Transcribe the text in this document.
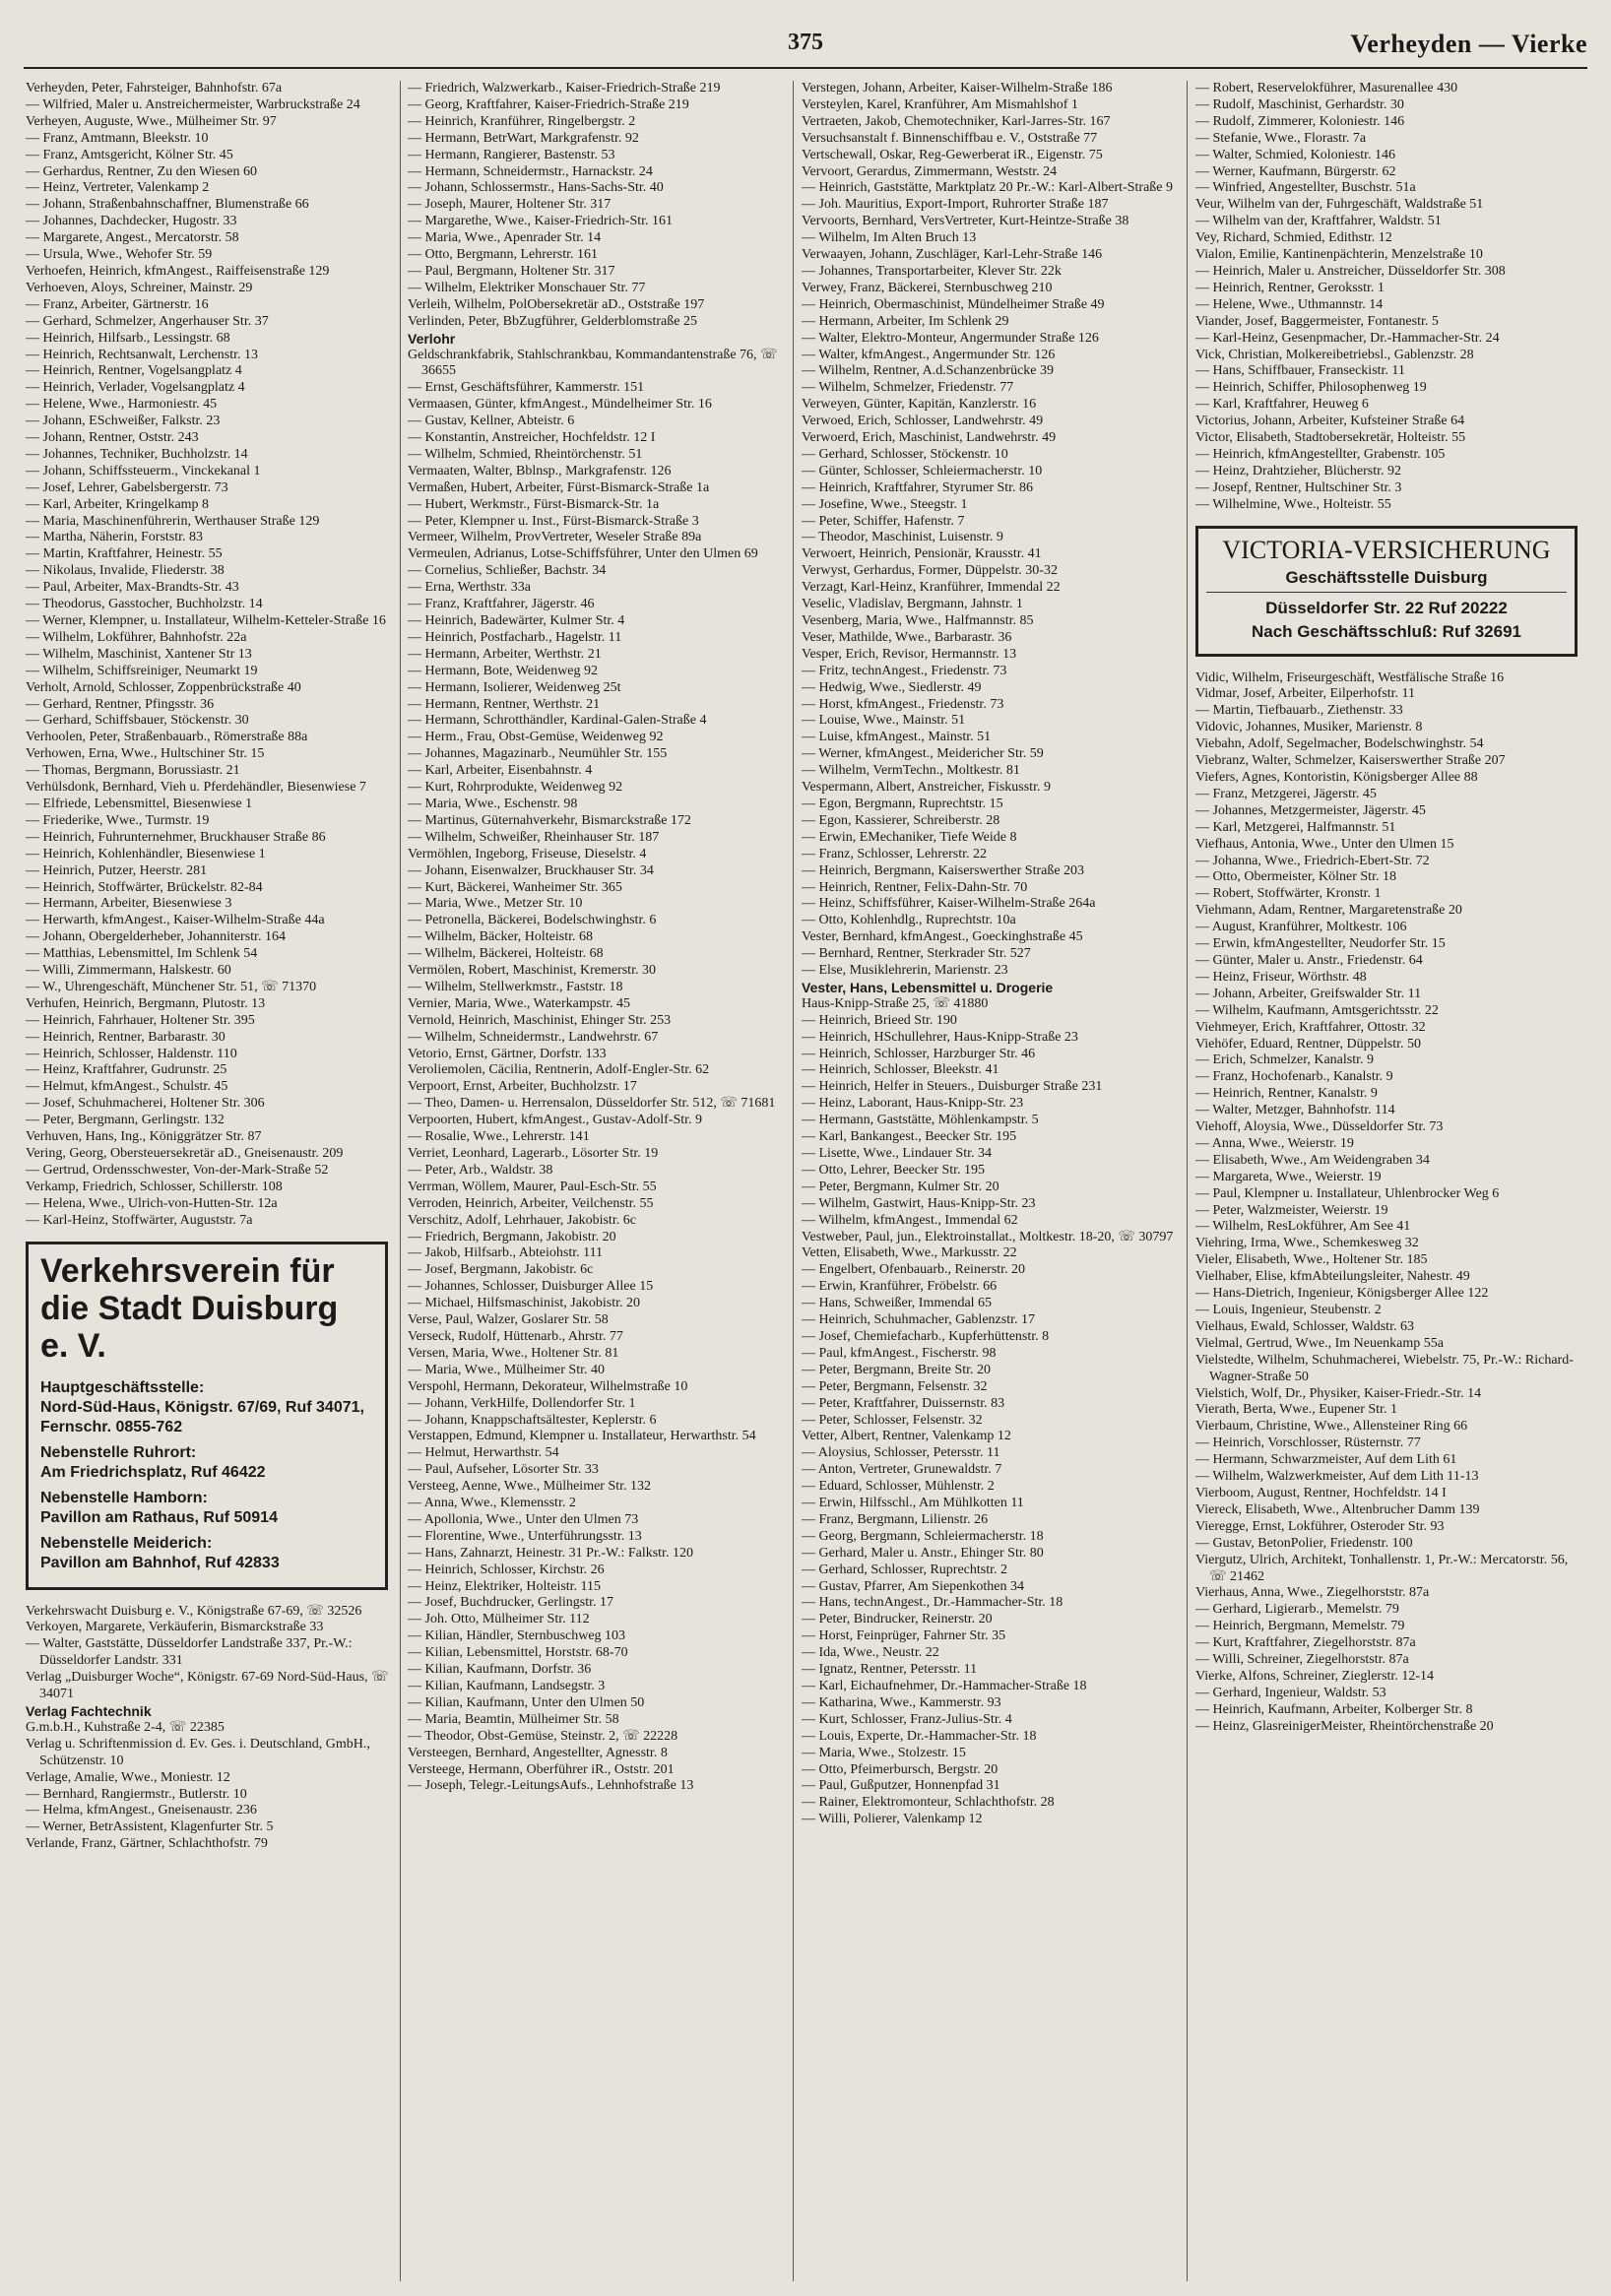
375	Verheyden — Vierke
Verheyden, Peter, Fahrsteiger, Bahnhofstr. 67a
— Wilfried, Maler u. Anstreichermeister, Warbruckstraße 24
Verheyen, Auguste, Wwe., Mülheimer Str. 97
— Franz, Amtmann, Bleekstr. 10
— Franz, Amtsgericht, Kölner Str. 45
— Gerhardus, Rentner, Zu den Wiesen 60
— Heinz, Vertreter, Valenkamp 2
— Johann, Straßenbahnschaffner, Blumenstraße 66
— Johannes, Dachdecker, Hugostr. 33
— Margarete, Angest., Mercatorstr. 58
— Ursula, Wwe., Wehofer Str. 59
Verhoefen, Heinrich, kfmAngest., Raiffeisenstraße 129
Verhoeven, Aloys, Schreiner, Mainstr. 29
— Franz, Arbeiter, Gärtnerstr. 16
— Gerhard, Schmelzer, Angerhauser Str. 37
— Heinrich, Hilfsarb., Lessingstr. 68
— Heinrich, Rechtsanwalt, Lerchenstr. 13
— Heinrich, Rentner, Vogelsangplatz 4
— Heinrich, Verlader, Vogelsangplatz 4
— Helene, Wwe., Harmoniestr. 45
— Johann, ESchweißer, Falkstr. 23
— Johann, Rentner, Oststr. 243
— Johannes, Techniker, Buchholzstr. 14
— Johann, Schiffssteuerm., Vinckekanal 1
— Josef, Lehrer, Gabelsbergerstr. 73
— Karl, Arbeiter, Kringelkamp 8
— Maria, Maschinenführerin, Werthauser Straße 129
— Martha, Näherin, Forststr. 83
— Martin, Kraftfahrer, Heinestr. 55
— Nikolaus, Invalide, Fliederstr. 38
— Paul, Arbeiter, Max-Brandts-Str. 43
— Theodorus, Gasstocher, Buchholzstr. 14
— Werner, Klempner, u. Installateur, Wilhelm-Ketteler-Straße 16
— Wilhelm, Lokführer, Bahnhofstr. 22a
— Wilhelm, Maschinist, Xantener Str 13
— Wilhelm, Schiffsreiniger, Neumarkt 19
Verholt, Arnold, Schlosser, Zoppenbrückstraße 40
— Gerhard, Rentner, Pfingsstr. 36
— Gerhard, Schiffsbauer, Stöckenstr. 30
Verhoolen, Peter, Straßenbauarb., Römerstraße 88a
Verhowen, Erna, Wwe., Hultschiner Str. 15
— Thomas, Bergmann, Borussiastr. 21
Verhülsdonk, Bernhard, Vieh u. Pferdehändler, Biesenwiese 7
— Elfriede, Lebensmittel, Biesenwiese 1
— Friederike, Wwe., Turmstr. 19
— Heinrich, Fuhrunternehmer, Bruckhauser Straße 86
— Heinrich, Kohlenhändler, Biesenwiese 1
— Heinrich, Putzer, Heerstr. 281
— Heinrich, Stoffwärter, Brückelstr. 82-84
— Hermann, Arbeiter, Biesenwiese 3
— Herwarth, kfmAngest., Kaiser-Wilhelm-Straße 44a
— Johann, Obergelderheber, Johanniterstr. 164
— Matthias, Lebensmittel, Im Schlenk 54
— Willi, Zimmermann, Halskestr. 60
— W., Uhrengeschäft, Münchener Str. 51, ☏ 71370
Verhufen, Heinrich, Bergmann, Plutostr. 13
— Heinrich, Fahrhauer, Holtener Str. 395
— Heinrich, Rentner, Barbarastr. 30
— Heinrich, Schlosser, Haldenstr. 110
— Heinz, Kraftfahrer, Gudrunstr. 25
— Helmut, kfmAngest., Schulstr. 45
— Josef, Schuhmacherei, Holtener Str. 306
— Peter, Bergmann, Gerlingstr. 132
Verhuven, Hans, Ing., Königgrätzer Str. 87
Vering, Georg, Obersteuersekretär aD., Gneisenaustr. 209
— Gertrud, Ordensschwester, Von-der-Mark-Straße 52
Verkamp, Friedrich, Schlosser, Schillerstr. 108
— Helena, Wwe., Ulrich-von-Hutten-Str. 12a
— Karl-Heinz, Stoffwärter, Auguststr. 7a
Verkehrsverein für die Stadt Duisburg e. V.
Hauptgeschäftsstelle:
Nord-Süd-Haus, Königstr. 67/69, Ruf 34071, Fernschr. 0855-762
Nebenstelle Ruhrort:
Am Friedrichsplatz, Ruf 46422
Nebenstelle Hamborn:
Pavillon am Rathaus, Ruf 50914
Nebenstelle Meiderich:
Pavillon am Bahnhof, Ruf 42833
Verkehrswacht Duisburg e. V., Königstraße 67-69, ☏ 32526
Verkoyen, Margarete, Verkäuferin, Bismarckstraße 33
— Walter, Gaststätte, Düsseldorfer Landstraße 337, Pr.-W.: Düsseldorfer Landstr. 331
Verlag „Duisburger Woche“, Königstr. 67-69 Nord-Süd-Haus, ☏ 34071
Verlag Fachtechnik
G.m.b.H., Kuhstraße 2-4, ☏ 22385
Verlag u. Schriftenmission d. Ev. Ges. i. Deutschland, GmbH., Schützenstr. 10
Verlage, Amalie, Wwe., Moniestr. 12
— Bernhard, Rangiermstr., Butlerstr. 10
— Helma, kfmAngest., Gneisenaustr. 236
— Werner, BetrAssistent, Klagenfurter Str. 5
Verlande, Franz, Gärtner, Schlachthofstr. 79
— Friedrich, Walzwerkarb., Kaiser-Friedrich-Straße 219
— Georg, Kraftfahrer, Kaiser-Friedrich-Straße 219
— Heinrich, Kranführer, Ringelbergstr. 2
— Hermann, BetrWart, Markgrafenstr. 92
— Hermann, Rangierer, Bastenstr. 53
— Hermann, Schneidermstr., Harnackstr. 24
— Johann, Schlossermstr., Hans-Sachs-Str. 40
— Joseph, Maurer, Holtener Str. 317
— Margarethe, Wwe., Kaiser-Friedrich-Str. 161
— Maria, Wwe., Apenrader Str. 14
— Otto, Bergmann, Lehrerstr. 161
— Paul, Bergmann, Holtener Str. 317
— Wilhelm, Elektriker Monschauer Str. 77
Verleih, Wilhelm, PolObersekretär aD., Oststraße 197
Verlinden, Peter, BbZugführer, Gelderblomstraße 25
Verlohr
Geldschrankfabrik, Stahlschrankbau, Kommandantenstraße 76, ☏ 36655
— Ernst, Geschäftsführer, Kammerstr. 151
Vermaasen, Günter, kfmAngest., Mündelheimer Str. 16
— Gustav, Kellner, Abteistr. 6
— Konstantin, Anstreicher, Hochfeldstr. 12 I
— Wilhelm, Schmied, Rheintörchenstr. 51
Vermaaten, Walter, Bblnsp., Markgrafenstr. 126
Vermaßen, Hubert, Arbeiter, Fürst-Bismarck-Straße 1a
— Hubert, Werkmstr., Fürst-Bismarck-Str. 1a
— Peter, Klempner u. Inst., Fürst-Bismarck-Straße 3
Vermeer, Wilhelm, ProvVertreter, Weseler Straße 89a
Vermeulen, Adrianus, Lotse-Schiffsführer, Unter den Ulmen 69
— Cornelius, Schließer, Bachstr. 34
— Erna, Werthstr. 33a
— Franz, Kraftfahrer, Jägerstr. 46
— Heinrich, Badewärter, Kulmer Str. 4
— Heinrich, Postfacharb., Hagelstr. 11
— Hermann, Arbeiter, Werthstr. 21
— Hermann, Bote, Weidenweg 92
— Hermann, Isolierer, Weidenweg 25t
— Hermann, Rentner, Werthstr. 21
— Hermann, Schrotthändler, Kardinal-Galen-Straße 4
— Herm., Frau, Obst-Gemüse, Weidenweg 92
— Johannes, Magazinarb., Neumühler Str. 155
— Karl, Arbeiter, Eisenbahnstr. 4
— Kurt, Rohrproduktе, Weidenweg 92
— Maria, Wwe., Eschenstr. 98
— Martinus, Güternahverkehr, Bismarckstraße 172
— Wilhelm, Schweißer, Rheinhauser Str. 187
Vermöhlen, Ingeborg, Friseuse, Dieselstr. 4
— Johann, Eisenwalzer, Bruckhauser Str. 34
— Kurt, Bäckerei, Wanheimer Str. 365
— Maria, Wwe., Metzer Str. 10
— Petronella, Bäckerei, Bodelschwinghstr. 6
— Wilhelm, Bäcker, Holteistr. 68
— Wilhelm, Bäckerei, Holteistr. 68
Vermölen, Robert, Maschinist, Kremerstr. 30
— Wilhelm, Stellwerkmstr., Faststr. 18
Vernier, Maria, Wwe., Waterkampstr. 45
Vernold, Heinrich, Maschinist, Ehinger Str. 253
— Wilhelm, Schneidermstr., Landwehrstr. 67
Vetorio, Ernst, Gärtner, Dorfstr. 133
Veroliemolen, Cäcilia, Rentnerin, Adolf-Engler-Str. 62
Verpoort, Ernst, Arbeiter, Buchholzstr. 17
— Theo, Damen- u. Herrensalon, Düsseldorfer Str. 512, ☏ 71681
Verpoorten, Hubert, kfmAngest., Gustav-Adolf-Str. 9
— Rosalie, Wwe., Lehrerstr. 141
Verriet, Leonhard, Lagerarb., Lösorter Str. 19
— Peter, Arb., Waldstr. 38
Verrman, Wöllem, Maurer, Paul-Esch-Str. 55
Verroden, Heinrich, Arbeiter, Veilchenstr. 55
Verschitz, Adolf, Lehrhauer, Jakobistr. 6c
— Friedrich, Bergmann, Jakobistr. 20
— Jakob, Hilfsarb., Abteiohstr. 111
— Josef, Bergmann, Jakobistr. 6c
— Johannes, Schlosser, Duisburger Allee 15
— Michael, Hilfsmaschinist, Jakobistr. 20
Verse, Paul, Walzer, Goslarer Str. 58
Verseck, Rudolf, Hüttenarb., Ahrstr. 77
Versen, Maria, Wwe., Holtener Str. 81
— Maria, Wwe., Mülheimer Str. 40
Verspohl, Hermann, Dekorateur, Wilhelmstraße 10
— Johann, VerkHilfe, Dollendorfer Str. 1
— Johann, Knappschaftsältester, Keplerstr. 6
Verstappen, Edmund, Klempner u. Installateur, Herwarthstr. 54
— Helmut, Herwarthstr. 54
— Paul, Aufseher, Lösorter Str. 33
Versteeg, Aenne, Wwe., Mülheimer Str. 132
— Anna, Wwe., Klemensstr. 2
— Apollonia, Wwe., Unter den Ulmen 73
— Florentine, Wwe., Unterführungsstr. 13
— Hans, Zahnarzt, Heinestr. 31 Pr.-W.: Falkstr. 120
— Heinrich, Schlosser, Kirchstr. 26
— Heinz, Elektriker, Holteistr. 115
— Josef, Buchdrucker, Gerlingstr. 17
— Joh. Otto, Mülheimer Str. 112
— Kilian, Händler, Sternbuschweg 103
— Kilian, Lebensmittel, Horststr. 68-70
— Kilian, Kaufmann, Dorfstr. 36
— Kilian, Kaufmann, Landsegstr. 3
— Kilian, Kaufmann, Unter den Ulmen 50
— Maria, Beamtin, Mülheimer Str. 58
— Theodor, Obst-Gemüse, Steinstr. 2, ☏ 22228
Versteegen, Bernhard, Angestellter, Agnesstr. 8
Versteege, Hermann, Oberführer iR., Oststr. 201
— Joseph, Telegr.-LeitungsAufs., Lehnhofstraße 13
Verstegen, Johann, Arbeiter, Kaiser-Wilhelm-Straße 186
Versteylen, Karel, Kranführer, Am Mismahlshof 1
Vertraeten, Jakob, Chemotechniker, Karl-Jarres-Str. 167
Versuchsanstalt f. Binnenschiffbau e. V., Oststraße 77
Vertschewall, Oskar, Reg-Gewerberat iR., Eigenstr. 75
Vervoort, Gerardus, Zimmermann, Weststr. 24
— Heinrich, Gaststätte, Marktplatz 20 Pr.-W.: Karl-Albert-Straße 9
— Joh. Mauritius, Export-Import, Ruhrorter Straße 187
Vervoorts, Bernhard, VersVertreter, Kurt-Heintze-Straße 38
— Wilhelm, Im Alten Bruch 13
Verwaayen, Johann, Zuschläger, Karl-Lehr-Straße 146
— Johannes, Transportarbeiter, Klever Str. 22k
Verwey, Franz, Bäckerei, Sternbuschweg 210
— Heinrich, Obermaschinist, Mündelheimer Straße 49
— Hermann, Arbeiter, Im Schlenk 29
— Walter, Elektro-Monteur, Angermunder Straße 126
— Walter, kfmAngest., Angermunder Str. 126
— Wilhelm, Rentner, A.d.Schanzenbrücke 39
— Wilhelm, Schmelzer, Friedenstr. 77
Verweyen, Günter, Kapitän, Kanzlerstr. 16
Verwoed, Erich, Schlosser, Landwehrstr. 49
Verwoerd, Erich, Maschinist, Landwehrstr. 49
— Gerhard, Schlosser, Stöckenstr. 10
— Günter, Schlosser, Schleiermacherstr. 10
— Heinrich, Kraftfahrer, Styrumer Str. 86
— Josefine, Wwe., Steegstr. 1
— Peter, Schiffer, Hafenstr. 7
— Theodor, Maschinist, Luisenstr. 9
Verwoert, Heinrich, Pensionär, Krausstr. 41
Verwyst, Gerhardus, Former, Düppelstr. 30-32
Verzagt, Karl-Heinz, Kranführer, Immendal 22
Veselic, Vladislav, Bergmann, Jahnstr. 1
Vesenberg, Maria, Wwe., Halfmannstr. 85
Veser, Mathilde, Wwe., Barbarastr. 36
Vesper, Erich, Revisor, Hermannstr. 13
— Fritz, technAngest., Friedenstr. 73
— Hedwig, Wwe., Siedlerstr. 49
— Horst, kfmAngest., Friedenstr. 73
— Louise, Wwe., Mainstr. 51
— Luise, kfmAngest., Mainstr. 51
— Werner, kfmAngest., Meidericher Str. 59
— Wilhelm, VermTechn., Moltkestr. 81
Vespermann, Albert, Anstreicher, Fiskusstr. 9
— Egon, Bergmann, Ruprechtstr. 15
— Egon, Kassierer, Schreiberstr. 28
— Erwin, EMechaniker, Tiefe Weide 8
— Franz, Schlosser, Lehrerstr. 22
— Heinrich, Bergmann, Kaiserswerther Straße 203
— Heinrich, Rentner, Felix-Dahn-Str. 70
— Heinz, Schiffsführer, Kaiser-Wilhelm-Straße 264a
— Otto, Kohlenhdlg., Ruprechtstr. 10a
Vester, Bernhard, kfmAngest., Goeckinghstraße 45
— Bernhard, Rentner, Sterkrader Str. 527
— Else, Musiklehrerin, Marienstr. 23
Vester, Hans, Lebensmittel u. Drogerie
Haus-Knipp-Straße 25, ☏ 41880
— Heinrich, Brieed Str. 190
— Heinrich, HSchullehrer, Haus-Knipp-Straße 23
— Heinrich, Schlosser, Harzburger Str. 46
— Heinrich, Schlosser, Bleekstr. 41
— Heinrich, Helfer in Steuers., Duisburger Straße 231
— Heinz, Laborant, Haus-Knipp-Str. 23
— Hermann, Gaststätte, Möhlenkampstr. 5
— Karl, Bankangest., Beecker Str. 195
— Lisette, Wwe., Lindauer Str. 34
— Otto, Lehrer, Beecker Str. 195
— Peter, Bergmann, Kulmer Str. 20
— Wilhelm, Gastwirt, Haus-Knipp-Str. 23
— Wilhelm, kfmAngest., Immendal 62
Vestweber, Paul, jun., Elektroinstallat., Moltkestr. 18-20, ☏ 30797
Vetten, Elisabeth, Wwe., Markusstr. 22
— Engelbert, Ofenbauarb., Reinerstr. 20
— Erwin, Kranführer, Fröbelstr. 66
— Hans, Schweißer, Immendal 65
— Heinrich, Schuhmacher, Gablenzstr. 17
— Josef, Chemiefacharb., Kupferhüttenstr. 8
— Paul, kfmAngest., Fischerstr. 98
— Peter, Bergmann, Breite Str. 20
— Peter, Bergmann, Felsenstr. 32
— Peter, Kraftfahrer, Duissernstr. 83
— Peter, Schlosser, Felsenstr. 32
Vetter, Albert, Rentner, Valenkamp 12
— Aloysius, Schlosser, Petersstr. 11
— Anton, Vertreter, Grunewaldstr. 7
— Eduard, Schlosser, Mühlenstr. 2
— Erwin, Hilfsschl., Am Mühlkotten 11
— Franz, Bergmann, Lilienstr. 26
— Georg, Bergmann, Schleiermacherstr. 18
— Gerhard, Maler u. Anstr., Ehinger Str. 80
— Gerhard, Schlosser, Ruprechtstr. 2
— Gustav, Pfarrer, Am Siepenkothen 34
— Hans, technAngest., Dr.-Hammacher-Str. 18
— Peter, Bindrucker, Reinerstr. 20
— Horst, Feinprüger, Fahrner Str. 35
— Ida, Wwe., Neustr. 22
— Ignatz, Rentner, Petersstr. 11
— Karl, Eichaufnehmer, Dr.-Hammacher-Straße 18
— Katharina, Wwe., Kammerstr. 93
— Kurt, Schlosser, Franz-Julius-Str. 4
— Louis, Experte, Dr.-Hammacher-Str. 18
— Maria, Wwe., Stolzestr. 15
— Otto, Pfeimerbursch, Bergstr. 20
— Paul, Gußputzer, Honnenpfad 31
— Rainer, Elektromonteur, Schlachthofstr. 28
— Willi, Polierer, Valenkamp 12
— Robert, Reservelokführer, Masurenallee 430
— Rudolf, Maschinist, Gerhardstr. 30
— Rudolf, Zimmerer, Koloniestr. 146
— Stefanie, Wwe., Florastr. 7a
— Walter, Schmied, Koloniestr. 146
— Werner, Kaufmann, Bürgerstr. 62
— Winfried, Angestellter, Buschstr. 51a
Veur, Wilhelm van der, Fuhrgeschäft, Waldstraße 51
— Wilhelm van der, Kraftfahrer, Waldstr. 51
Vey, Richard, Schmied, Edithstr. 12
Vialon, Emilie, Kantinenpächterin, Menzelstraße 10
— Heinrich, Maler u. Anstreicher, Düsseldorfer Str. 308
— Heinrich, Rentner, Geroksstr. 1
— Helene, Wwe., Uthmannstr. 14
Viander, Josef, Baggermeister, Fontanestr. 5
— Karl-Heinz, Gesenpmacher, Dr.-Hammacher-Str. 24
Vick, Christian, Molkereibetriebsl., Gablenzstr. 28
— Hans, Schiffbauer, Franseckistr. 11
— Heinrich, Schiffer, Philosophenweg 19
— Karl, Kraftfahrer, Heuweg 6
Victorius, Johann, Arbeiter, Kufsteiner Straße 64
Victor, Elisabeth, Stadtobersekretär, Holteistr. 55
— Heinrich, kfmAngestellter, Grabenstr. 105
— Heinz, Drahtzieher, Blücherstr. 92
— Josepf, Rentner, Hultschiner Str. 3
— Wilhelmine, Wwe., Holteistr. 55
VICTORIA-VERSICHERUNG
Geschäftsstelle Duisburg
Düsseldorfer Str. 22 Ruf 20222
Nach Geschäftsschluß: Ruf 32691
Vidic, Wilhelm, Friseurgeschäft, Westfälische Straße 16
Vidmar, Josef, Arbeiter, Eilperhofstr. 11
— Martin, Tiefbauarb., Ziethenstr. 33
Vidovic, Johannes, Musiker, Marienstr. 8
Viebahn, Adolf, Segelmacher, Bodelschwinghstr. 54
Viebranz, Walter, Schmelzer, Kaiserswerther Straße 207
Viefers, Agnes, Kontoristin, Königsberger Allee 88
— Franz, Metzgerei, Jägerstr. 45
— Johannes, Metzgermeister, Jägerstr. 45
— Karl, Metzgerei, Halfmannstr. 51
Viefhaus, Antonia, Wwe., Unter den Ulmen 15
— Johanna, Wwe., Friedrich-Ebert-Str. 72
— Otto, Obermeister, Kölner Str. 18
— Robert, Stoffwärter, Kronstr. 1
Viehmann, Adam, Rentner, Margaretenstraße 20
— August, Kranführer, Moltkestr. 106
— Erwin, kfmAngestellter, Neudorfer Str. 15
— Günter, Maler u. Anstr., Friedenstr. 64
— Heinz, Friseur, Wörthstr. 48
— Johann, Arbeiter, Greifswalder Str. 11
— Wilhelm, Kaufmann, Amtsgerichtsstr. 22
Viehmeyer, Erich, Kraftfahrer, Ottostr. 32
Viehöfer, Eduard, Rentner, Düppelstr. 50
— Erich, Schmelzer, Kanalstr. 9
— Franz, Hochofenarb., Kanalstr. 9
— Heinrich, Rentner, Kanalstr. 9
— Walter, Metzger, Bahnhofstr. 114
Viehoff, Aloysia, Wwe., Düsseldorfer Str. 73
— Anna, Wwe., Weierstr. 19
— Elisabeth, Wwe., Am Weidengraben 34
— Margareta, Wwe., Weierstr. 19
— Paul, Klempner u. Installateur, Uhlenbrocker Weg 6
— Peter, Walzmeister, Weierstr. 19
— Wilhelm, ResLokführer, Am See 41
Viehring, Irma, Wwe., Schemkesweg 32
Vieler, Elisabeth, Wwe., Holtener Str. 185
Vielhaber, Elise, kfmAbteilungsleiter, Nahestr. 49
— Hans-Dietrich, Ingenieur, Königsberger Allee 122
— Louis, Ingenieur, Steubenstr. 2
Vielhaus, Ewald, Schlosser, Waldstr. 63
Vielmal, Gertrud, Wwe., Im Neuenkamp 55a
Vielstedte, Wilhelm, Schuhmacherei, Wiebelstr. 75, Pr.-W.: Richard-Wagner-Straße 50
Vielstich, Wolf, Dr., Physiker, Kaiser-Friedr.-Str. 14
Vierath, Berta, Wwe., Eupener Str. 1
Vierbaum, Christine, Wwe., Allensteiner Ring 66
— Heinrich, Vorschlosser, Rüsternstr. 77
— Hermann, Schwarzmeister, Auf dem Lith 61
— Wilhelm, Walzwerkmeister, Auf dem Lith 11-13
Vierboom, August, Rentner, Hochfeldstr. 14 I
Viereck, Elisabeth, Wwe., Altenbrucher Damm 139
Vieregge, Ernst, Lokführer, Osteroder Str. 93
— Gustav, BetonPolier, Friedenstr. 100
Viergutz, Ulrich, Architekt, Tonhallenstr. 1, Pr.-W.: Mercatorstr. 56, ☏ 21462
Vierhaus, Anna, Wwe., Ziegelhorststr. 87a
— Gerhard, Ligierarb., Memelstr. 79
— Heinrich, Bergmann, Memelstr. 79
— Kurt, Kraftfahrer, Ziegelhorststr. 87a
— Willi, Schreiner, Ziegelhorststr. 87a
Vierke, Alfons, Schreiner, Zieglerstr. 12-14
— Gerhard, Ingenieur, Waldstr. 53
— Heinrich, Kaufmann, Arbeiter, Kolberger Str. 8
— Heinz, GlasreinigerMeister, Rheintörchenstraße 20
